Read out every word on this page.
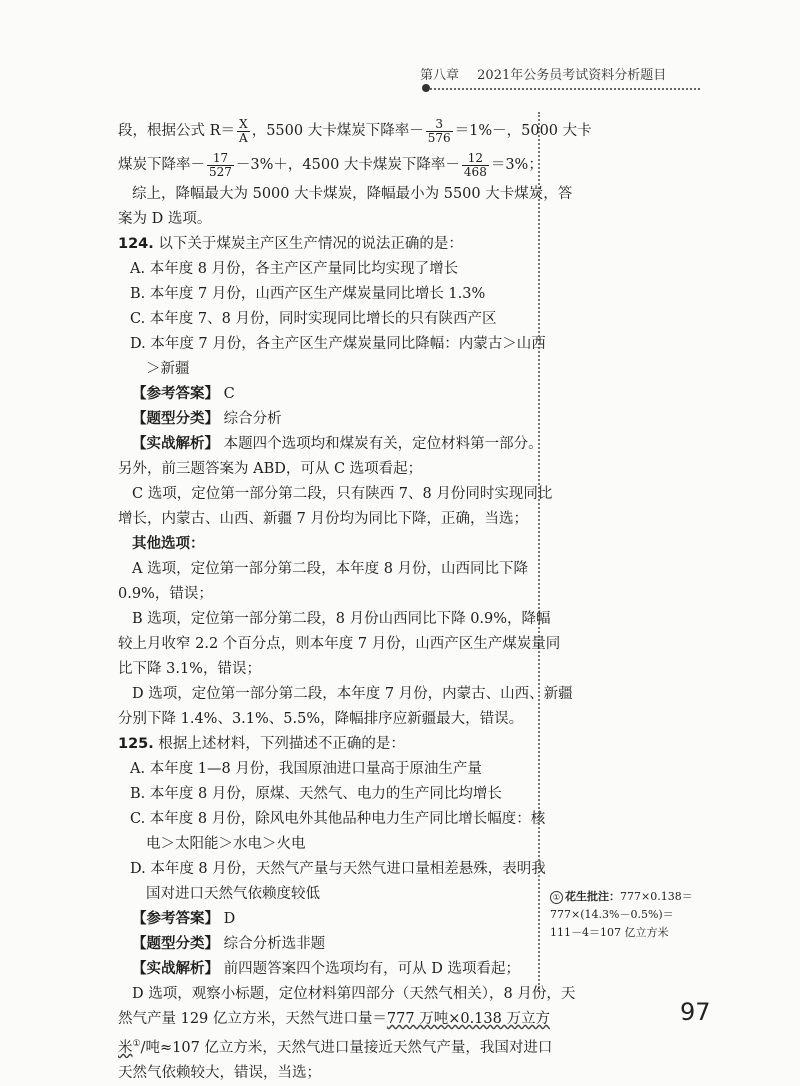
第八章 2021年公务员考试资料分析题目
段，根据公式 $R= \frac{X}{A}$ ，5500 大卡煤炭下降率－ $\frac{3}{576} =1\%-$，5000 大卡
煤炭下降率－ $\frac{17}{527} -3\%+$，4500 大卡煤炭下降率－ $\frac{12}{468} =3\%$；
综上，降幅最大为 5000 大卡煤炭，降幅最小为 5500 大卡煤炭，答
案为 D 选项。
124. 以下关于煤炭主产区生产情况的说法正确的是：
A. 本年度 8 月份，各主产区产量同比均实现了增长
B. 本年度 7 月份，山西产区生产煤炭量同比增长 1.3%
C. 本年度 7、8 月份，同时实现同比增长的只有陕西产区
D. 本年度 7 月份，各主产区生产煤炭量同比降幅：内蒙古＞山西
＞新疆
【参考答案】 C
【题型分类】 综合分析
【实战解析】 本题四个选项均和煤炭有关，定位材料第一部分。
另外，前三题答案为 ABD，可从 C 选项看起；
C 选项，定位第一部分第二段，只有陕西 7、8 月份同时实现同比
增长，内蒙古、山西、新疆 7 月份均为同比下降，正确，当选；
其他选项：
A 选项，定位第一部分第二段，本年度 8 月份，山西同比下降
0.9%，错误；
B 选项，定位第一部分第二段，8 月份山西同比下降 0.9%，降幅
较上月收窄 2.2 个百分点，则本年度 7 月份，山西产区生产煤炭量同
比下降 3.1%，错误；
D 选项，定位第一部分第二段，本年度 7 月份，内蒙古、山西、新疆
分别下降 1.4%、3.1%、5.5%，降幅排序应新疆最大，错误。
125. 根据上述材料，下列描述不正确的是：
A. 本年度 1—8 月份，我国原油进口量高于原油生产量
B. 本年度 8 月份，原煤、天然气、电力的生产同比均增长
C. 本年度 8 月份，除风电外其他品种电力生产同比增长幅度：核
电＞太阳能＞水电＞火电
D. 本年度 8 月份，天然气产量与天然气进口量相差悬殊，表明我
国对进口天然气依赖度较低
【参考答案】 D
【题型分类】 综合分析选非题
【实战解析】 前四题答案四个选项均有，可从 D 选项看起；
D 选项，观察小标题，定位材料第四部分（天然气相关），8 月份，天
然气产量 129 亿立方米，天然气进口量＝777 万吨×0.138 万立方
米①/吨≈107 亿立方米，天然气进口量接近天然气产量，我国对进口
天然气依赖较大，错误，当选；
① 花生批注：777×0.138＝
777×(14.3%－0.5%)＝
111－4＝107 亿立方米
97
